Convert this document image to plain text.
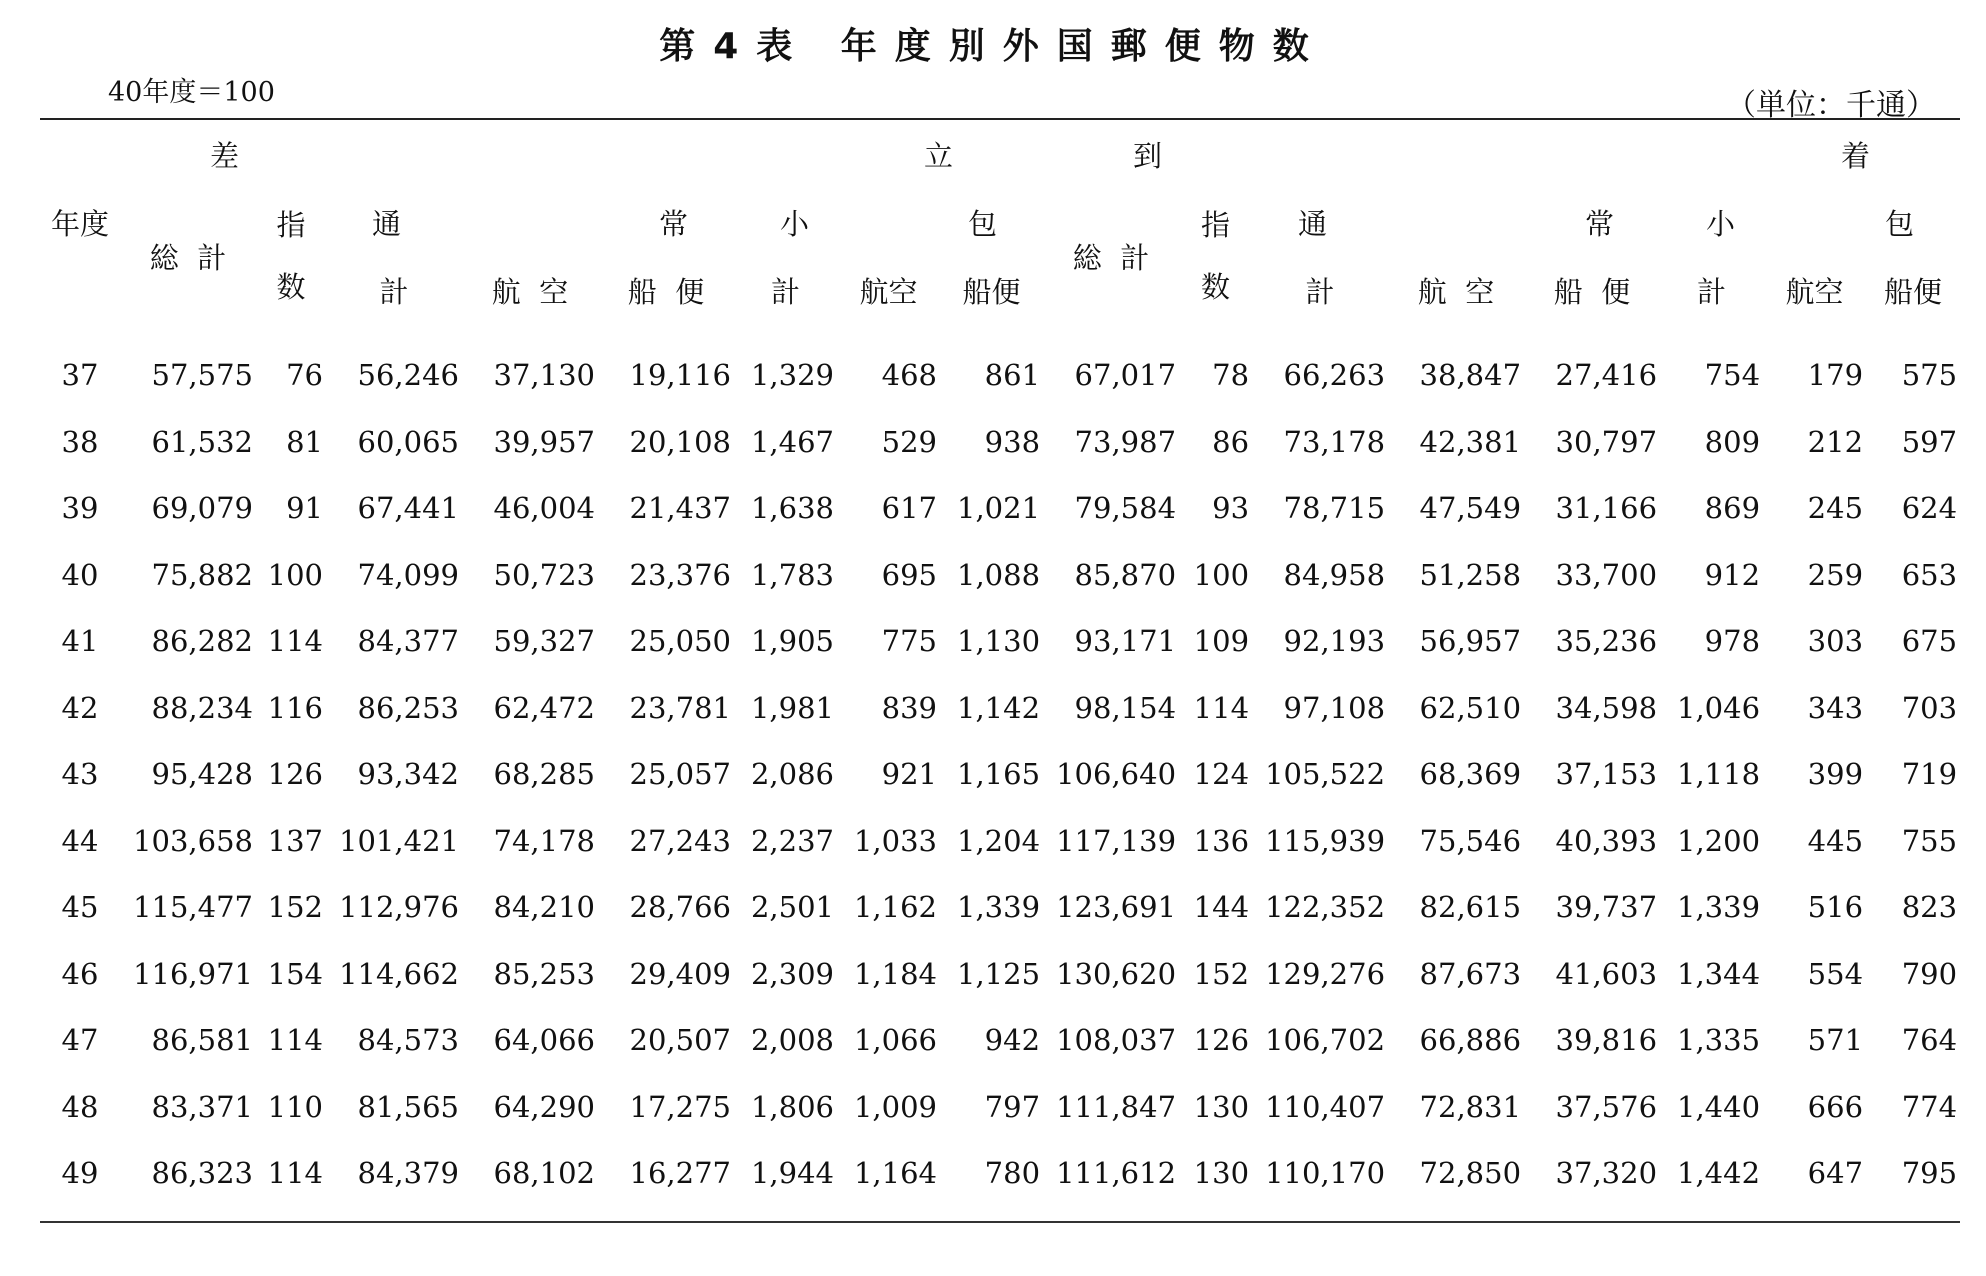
第4表 年度別外国郵便物数
40年度＝100	（単位：千通）
年度	差 立								到 着							

	総 計	指
数	通 常			小 包			総 計	指
数	通 常			小 包		

			計	航 空	船 便	計	航空	船便			計	航 空	船 便	計	航空	船便
37	57,575	76	56,246	37,130	19,116	1,329	468	861	67,017	78	66,263	38,847	27,416	754	179	575
38	61,532	81	60,065	39,957	20,108	1,467	529	938	73,987	86	73,178	42,381	30,797	809	212	597
39	69,079	91	67,441	46,004	21,437	1,638	617	1,021	79,584	93	78,715	47,549	31,166	869	245	624
40	75,882	100	74,099	50,723	23,376	1,783	695	1,088	85,870	100	84,958	51,258	33,700	912	259	653
41	86,282	114	84,377	59,327	25,050	1,905	775	1,130	93,171	109	92,193	56,957	35,236	978	303	675
42	88,234	116	86,253	62,472	23,781	1,981	839	1,142	98,154	114	97,108	62,510	34,598	1,046	343	703
43	95,428	126	93,342	68,285	25,057	2,086	921	1,165	106,640	124	105,522	68,369	37,153	1,118	399	719
44	103,658	137	101,421	74,178	27,243	2,237	1,033	1,204	117,139	136	115,939	75,546	40,393	1,200	445	755
45	115,477	152	112,976	84,210	28,766	2,501	1,162	1,339	123,691	144	122,352	82,615	39,737	1,339	516	823
46	116,971	154	114,662	85,253	29,409	2,309	1,184	1,125	130,620	152	129,276	87,673	41,603	1,344	554	790
47	86,581	114	84,573	64,066	20,507	2,008	1,066	942	108,037	126	106,702	66,886	39,816	1,335	571	764
48	83,371	110	81,565	64,290	17,275	1,806	1,009	797	111,847	130	110,407	72,831	37,576	1,440	666	774
49	86,323	114	84,379	68,102	16,277	1,944	1,164	780	111,612	130	110,170	72,850	37,320	1,442	647	795
